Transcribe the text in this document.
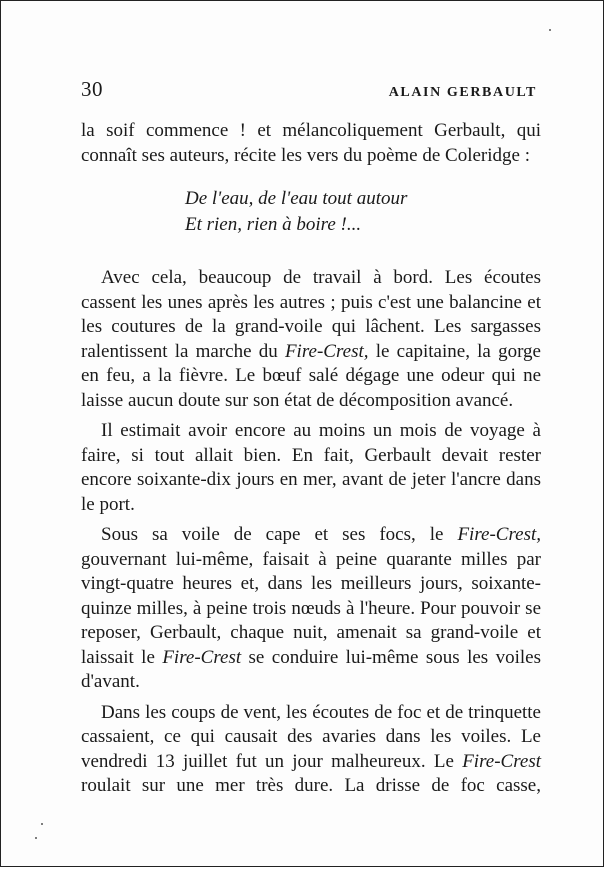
30	ALAIN GERBAULT

la soif commence ! et mélancoliquement Gerbault, qui connaît ses auteurs, récite les vers du poème de Coleridge :

De l'eau, de l'eau tout autour
Et rien, rien à boire !...

Avec cela, beaucoup de travail à bord. Les écoutes cassent les unes après les autres ; puis c'est une balancine et les coutures de la grand-voile qui lâchent. Les sargasses ralentissent la marche du Fire-Crest, le capitaine, la gorge en feu, a la fièvre. Le bœuf salé dégage une odeur qui ne laisse aucun doute sur son état de décomposition avancé.

Il estimait avoir encore au moins un mois de voyage à faire, si tout allait bien. En fait, Gerbault devait rester encore soixante-dix jours en mer, avant de jeter l'ancre dans le port.

Sous sa voile de cape et ses focs, le Fire-Crest, gouvernant lui-même, faisait à peine quarante milles par vingt-quatre heures et, dans les meilleurs jours, soixante-quinze milles, à peine trois nœuds à l'heure. Pour pouvoir se reposer, Gerbault, chaque nuit, amenait sa grand-voile et laissait le Fire-Crest se conduire lui-même sous les voiles d'avant.

Dans les coups de vent, les écoutes de foc et de trinquette cassaient, ce qui causait des avaries dans les voiles. Le vendredi 13 juillet fut un jour malheureux. Le Fire-Crest roulait sur une mer très dure. La drisse de foc casse,
